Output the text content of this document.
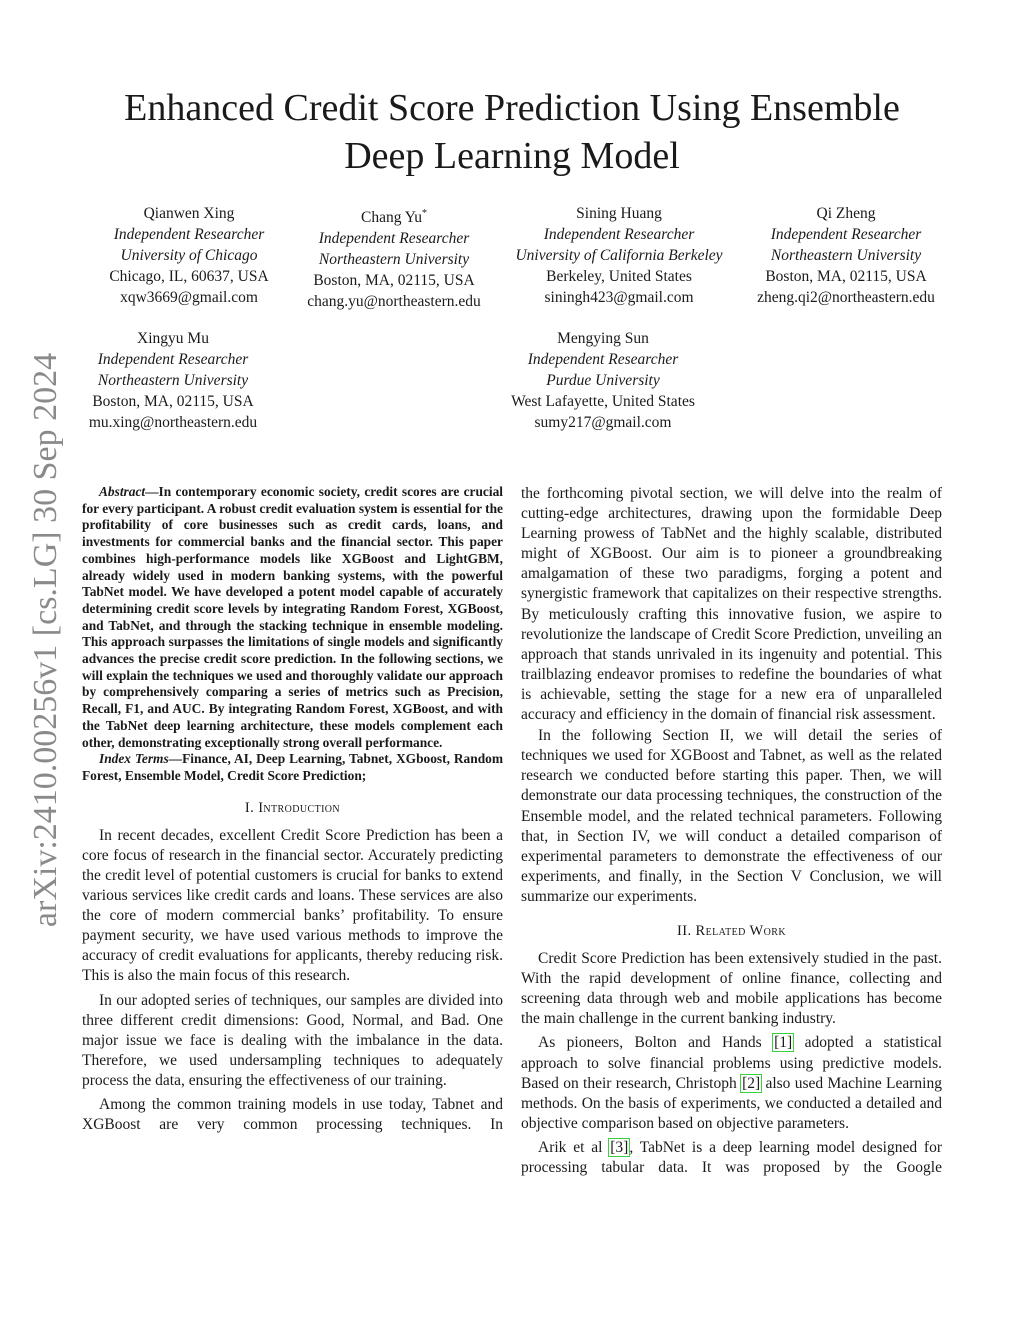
arXiv:2410.00256v1 [cs.LG] 30 Sep 2024
Enhanced Credit Score Prediction Using Ensemble Deep Learning Model
Qianwen Xing
Independent Researcher
University of Chicago
Chicago, IL, 60637, USA
xqw3669@gmail.com
Chang Yu*
Independent Researcher
Northeastern University
Boston, MA, 02115, USA
chang.yu@northeastern.edu
Sining Huang
Independent Researcher
University of California Berkeley
Berkeley, United States
siningh423@gmail.com
Qi Zheng
Independent Researcher
Northeastern University
Boston, MA, 02115, USA
zheng.qi2@northeastern.edu
Xingyu Mu
Independent Researcher
Northeastern University
Boston, MA, 02115, USA
mu.xing@northeastern.edu
Mengying Sun
Independent Researcher
Purdue University
West Lafayette, United States
sumy217@gmail.com

Abstract—In contemporary economic society, credit scores are crucial for every participant. A robust credit evaluation system is essential for the profitability of core businesses such as credit cards, loans, and investments for commercial banks and the financial sector. This paper combines high-performance models like XGBoost and LightGBM, already widely used in modern banking systems, with the powerful TabNet model. We have developed a potent model capable of accurately determining credit score levels by integrating Random Forest, XGBoost, and TabNet, and through the stacking technique in ensemble modeling. This approach surpasses the limitations of single models and significantly advances the precise credit score prediction. In the following sections, we will explain the techniques we used and thoroughly validate our approach by comprehensively comparing a series of metrics such as Precision, Recall, F1, and AUC. By integrating Random Forest, XGBoost, and with the TabNet deep learning architecture, these models complement each other, demonstrating exceptionally strong overall performance.

Index Terms—Finance, AI, Deep Learning, Tabnet, XGboost, Random Forest, Ensemble Model, Credit Score Prediction;

I. Introduction

In recent decades, excellent Credit Score Prediction has been a core focus of research in the financial sector. Accurately predicting the credit level of potential customers is crucial for banks to extend various services like credit cards and loans. These services are also the core of modern commercial banks’ profitability. To ensure payment security, we have used various methods to improve the accuracy of credit evaluations for applicants, thereby reducing risk. This is also the main focus of this research.

In our adopted series of techniques, our samples are divided into three different credit dimensions: Good, Normal, and Bad. One major issue we face is dealing with the imbalance in the data. Therefore, we used undersampling techniques to adequately process the data, ensuring the effectiveness of our training.

Among the common training models in use today, Tabnet and XGBoost are very common processing techniques. In

the forthcoming pivotal section, we will delve into the realm of cutting-edge architectures, drawing upon the formidable Deep Learning prowess of TabNet and the highly scalable, distributed might of XGBoost. Our aim is to pioneer a groundbreaking amalgamation of these two paradigms, forging a potent and synergistic framework that capitalizes on their respective strengths. By meticulously crafting this innovative fusion, we aspire to revolutionize the landscape of Credit Score Prediction, unveiling an approach that stands unrivaled in its ingenuity and potential. This trailblazing endeavor promises to redefine the boundaries of what is achievable, setting the stage for a new era of unparalleled accuracy and efficiency in the domain of financial risk assessment.

In the following Section II, we will detail the series of techniques we used for XGBoost and Tabnet, as well as the related research we conducted before starting this paper. Then, we will demonstrate our data processing techniques, the construction of the Ensemble model, and the related technical parameters. Following that, in Section IV, we will conduct a detailed comparison of experimental parameters to demonstrate the effectiveness of our experiments, and finally, in the Section V Conclusion, we will summarize our experiments.

II. Related Work

Credit Score Prediction has been extensively studied in the past. With the rapid development of online finance, collecting and screening data through web and mobile applications has become the main challenge in the current banking industry.

As pioneers, Bolton and Hands [1] adopted a statistical approach to solve financial problems using predictive models. Based on their research, Christoph [2] also used Machine Learning methods. On the basis of experiments, we conducted a detailed and objective comparison based on objective parameters.

Arik et al [3], TabNet is a deep learning model designed for processing tabular data. It was proposed by the Google
